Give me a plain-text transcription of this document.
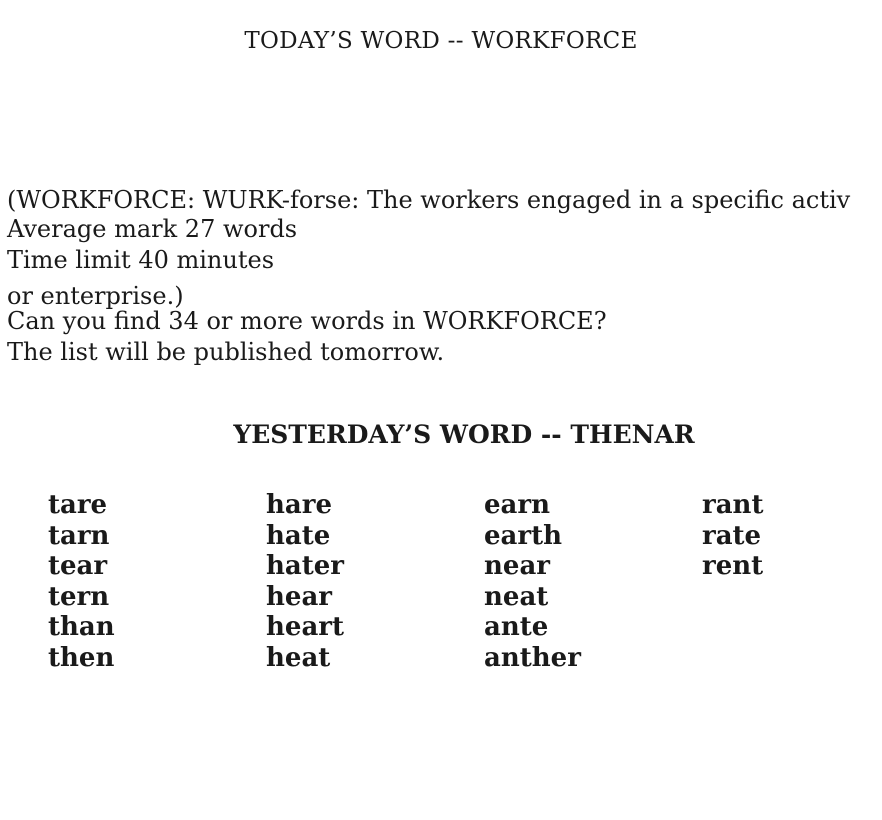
TODAY’S WORD -- WORKFORCE

(WORKFORCE: WURK-forse: The workers engaged in a specific activ

or enterprise.)

Average mark 27 words
Time limit 40 minutes
Can you find 34 or more words in WORKFORCE?
The list will be published tomorrow.
YESTERDAY’S WORD -- THENAR
tare
tarn
tear
tern
than
then
hare
hate
hater
hear
heart
heat
earn
earth
near
neat
ante
anther
rant
rate
rent
